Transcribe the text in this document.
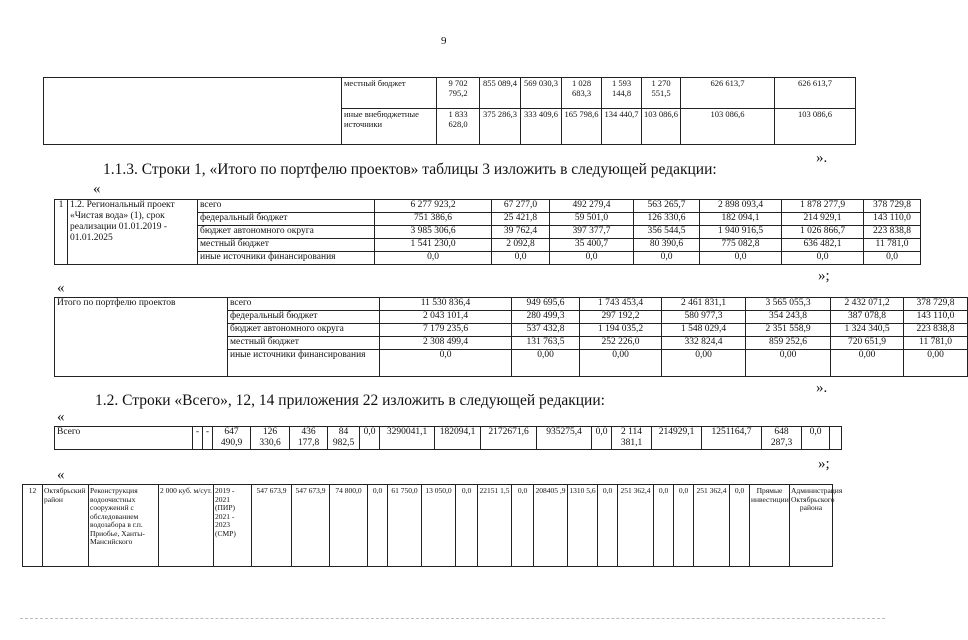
9
	местный бюджет	9 702 795,2	855 089,4	569 030,3	1 028 683,3	1 593 144,8	1 270 551,5	626 613,7	626 613,7	
	иные внебюджетные источники	1 833 628,0	375 286,3	333 409,6	165 798,6	134 440,7	103 086,6	103 086,6	103 086,6	
».
1.1.3. Строки 1, «Итого по портфелю проектов» таблицы 3 изложить в следующей редакции:
«
1	1.2. Региональный проект «Чистая вода» (1), срок реализации 01.01.2019 - 01.01.2025	всего	6 277 923,2	67 277,0	492 279,4	563 265,7	2 898 093,4	1 878 277,9	378 729,8
		федеральный бюджет	751 386,6	25 421,8	59 501,0	126 330,6	182 094,1	214 929,1	143 110,0
		бюджет автономного округа	3 985 306,6	39 762,4	397 377,7	356 544,5	1 940 916,5	1 026 866,7	223 838,8
		местный бюджет	1 541 230,0	2 092,8	35 400,7	80 390,6	775 082,8	636 482,1	11 781,0
		иные источники финансирования	0,0	0,0	0,0	0,0	0,0	0,0	0,0
»;
«
Итого по портфелю проектов	всего	11 530 836,4	949 695,6	1 743 453,4	2 461 831,1	3 565 055,3	2 432 071,2	378 729,8
	федеральный бюджет	2 043 101,4	280 499,3	297 192,2	580 977,3	354 243,8	387 078,8	143 110,0
	бюджет автономного округа	7 179 235,6	537 432,8	1 194 035,2	1 548 029,4	2 351 558,9	1 324 340,5	223 838,8
	местный бюджет	2 308 499,4	131 763,5	252 226,0	332 824,4	859 252,6	720 651,9	11 781,0
	иные источники финансирования	0,0	0,00	0,00	0,00	0,00	0,00	0,00
».
1.2. Строки «Всего», 12, 14 приложения 22 изложить в следующей редакции:
«
Всего	-	-	647 490,9	126 330,6	436 177,8	84 982,5	0,0	3290041,1	182094,1	2172671,6	935275,4	0,0	2 114 381,1	214929,1	1251164,7	648 287,3	0,0	
»;
«
12	Октябрьский район	Реконструкция водоочистных сооружений с обследованием водозабора в г.п. Приобье, Ханты-Мансийского	2 000 куб. м/сут.	2019 - 2021 (ПИР) 2021 - 2023 (СМР)	547 673,9	547 673,9	74 800,0	0,0	61 750,0	13 050,0	0,0	22151 1,5	0,0	208405 ,9	1310 5,6	0,0	251 362,4	0,0	0,0	251 362,4	0,0	Прямые инвестиции	Администрация Октябрьского района
